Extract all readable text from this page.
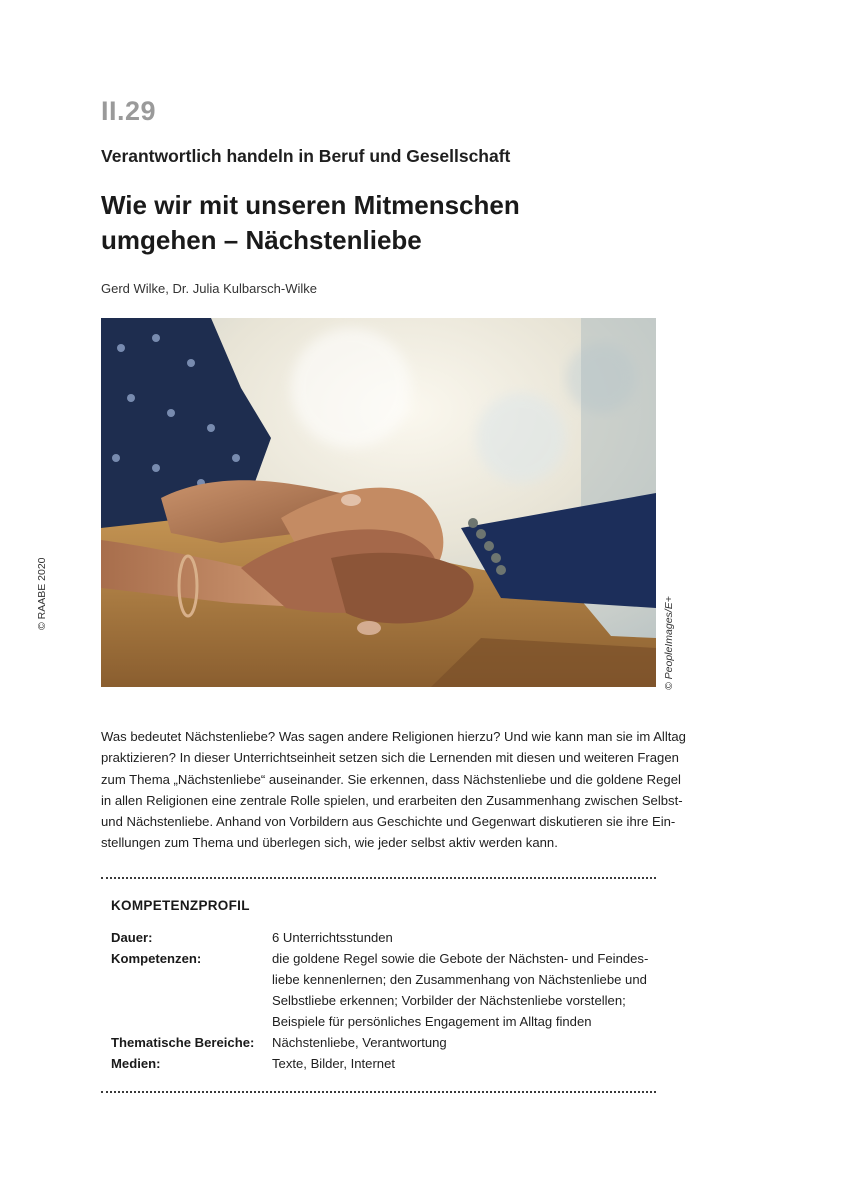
II.29
Verantwortlich handeln in Beruf und Gesellschaft
Wie wir mit unseren Mitmenschen
umgehen – Nächstenliebe
Gerd Wilke, Dr. Julia Kulbarsch-Wilke
© PeopleImages/E+
© RAABE 2020
Was bedeutet Nächstenliebe? Was sagen andere Religionen hierzu? Und wie kann man sie im Alltag
praktizieren? In dieser Unterrichtseinheit setzen sich die Lernenden mit diesen und weiteren Fragen
zum Thema „Nächstenliebe“ auseinander. Sie erkennen, dass Nächstenliebe und die goldene Regel
in allen Religionen eine zentrale Rolle spielen, und erarbeiten den Zusammenhang zwischen Selbst-
und Nächstenliebe. Anhand von Vorbildern aus Geschichte und Gegenwart diskutieren sie ihre Ein-
stellungen zum Thema und überlegen sich, wie jeder selbst aktiv werden kann.
KOMPETENZPROFIL
Dauer:	6 Unterrichtsstunden
Kompetenzen:	die goldene Regel sowie die Gebote der Nächsten- und Feindes-
liebe kennenlernen; den Zusammenhang von Nächstenliebe und
Selbstliebe erkennen; Vorbilder der Nächstenliebe vorstellen;
Beispiele für persönliches Engagement im Alltag finden
Thematische Bereiche: Nächstenliebe, Verantwortung
Medien:	Texte, Bilder, Internet
